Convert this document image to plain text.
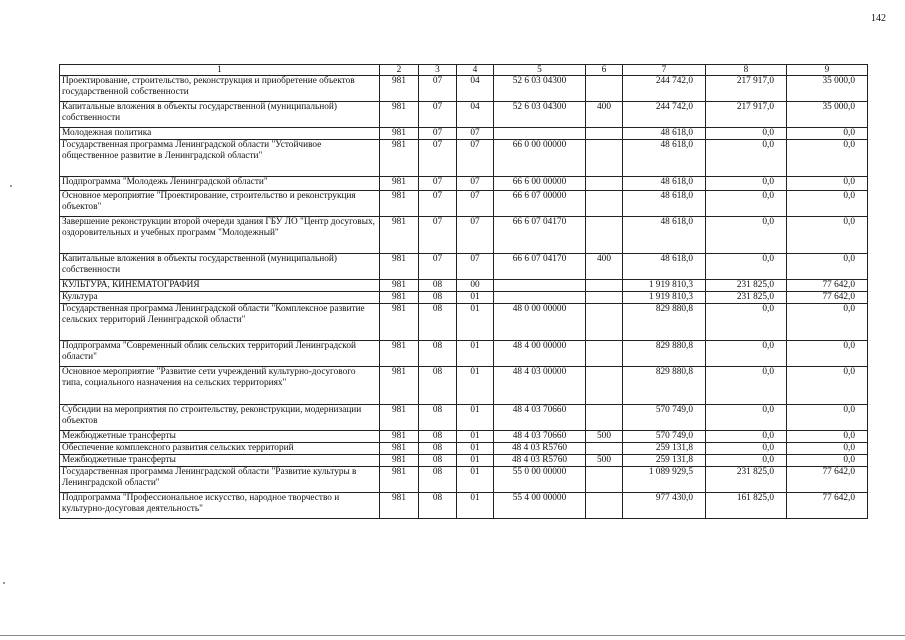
142
1	2	3	4	5	6	7	8	9
Проектирование, строительство, реконструкция и приобретение объектов государственной собственности	981	07	04	52 6 03 04300		244 742,0	217 917,0	35 000,0
Капитальные вложения в объекты государственной (муниципальной) собственности	981	07	04	52 6 03 04300	400	244 742,0	217 917,0	35 000,0
Молодежная политика	981	07	07			48 618,0	0,0	0,0
Государственная программа Ленинградской области "Устойчивое общественное развитие в Ленинградской области"	981	07	07	66 0 00 00000		48 618,0	0,0	0,0
Подпрограмма "Молодежь Ленинградской области"	981	07	07	66 6 00 00000		48 618,0	0,0	0,0
Основное мероприятие "Проектирование, строительство и реконструкция объектов"	981	07	07	66 6 07 00000		48 618,0	0,0	0,0
Завершение реконструкции второй очереди здания ГБУ ЛО "Центр досуговых, оздоровительных и учебных программ "Молодежный"	981	07	07	66 6 07 04170		48 618,0	0,0	0,0
Капитальные вложения в объекты государственной (муниципальной) собственности	981	07	07	66 6 07 04170	400	48 618,0	0,0	0,0
КУЛЬТУРА, КИНЕМАТОГРАФИЯ	981	08	00			1 919 810,3	231 825,0	77 642,0
Культура	981	08	01			1 919 810,3	231 825,0	77 642,0
Государственная программа Ленинградской области "Комплексное развитие сельских территорий Ленинградской области"	981	08	01	48 0 00 00000		829 880,8	0,0	0,0
Подпрограмма "Современный облик сельских территорий Ленинградской области"	981	08	01	48 4 00 00000		829 880,8	0,0	0,0
Основное мероприятие "Развитие сети учреждений культурно-досугового типа, социального назначения на сельских территориях"	981	08	01	48 4 03 00000		829 880,8	0,0	0,0
Субсидии на мероприятия по строительству, реконструкции, модернизации объектов	981	08	01	48 4 03 70660		570 749,0	0,0	0,0
Межбюджетные трансферты	981	08	01	48 4 03 70660	500	570 749,0	0,0	0,0
Обеспечение комплексного развития сельских территорий	981	08	01	48 4 03 R5760		259 131,8	0,0	0,0
Межбюджетные трансферты	981	08	01	48 4 03 R5760	500	259 131,8	0,0	0,0
Государственная программа Ленинградской области "Развитие культуры в Ленинградской области"	981	08	01	55 0 00 00000		1 089 929,5	231 825,0	77 642,0
Подпрограмма "Профессиональное искусство, народное творчество и культурно-досуговая деятельность"	981	08	01	55 4 00 00000		977 430,0	161 825,0	77 642,0
